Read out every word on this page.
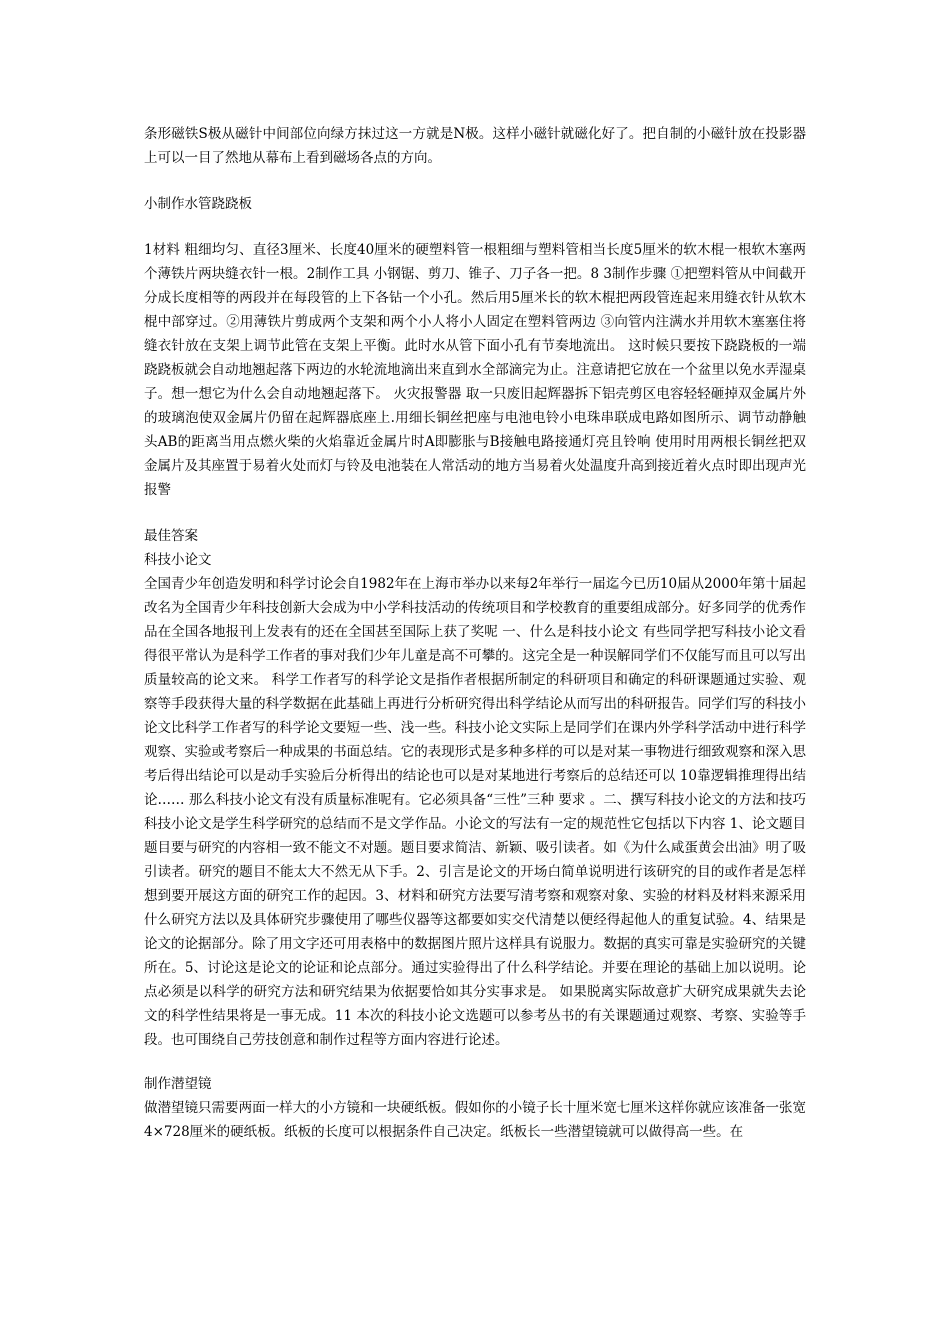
条形磁铁S极从磁针中间部位向绿方抹过这一方就是N极。这样小磁针就磁化好了。把自制的小磁针放在投影器上可以一目了然地从幕布上看到磁场各点的方向。

小制作水管跷跷板

1材料 粗细均匀、直径3厘米、长度40厘米的硬塑料管一根粗细与塑料管相当长度5厘米的软木棍一根软木塞两个薄铁片两块缝衣针一根。2制作工具 小钢锯、剪刀、锥子、刀子各一把。8 3制作步骤 ①把塑料管从中间截开分成长度相等的两段并在每段管的上下各钻一个小孔。然后用5厘米长的软木棍把两段管连起来用缝衣针从软木棍中部穿过。②用薄铁片剪成两个支架和两个小人将小人固定在塑料管两边 ③向管内注满水并用软木塞塞住将缝衣针放在支架上调节此管在支架上平衡。此时水从管下面小孔有节奏地流出。 这时候只要按下跷跷板的一端跷跷板就会自动地翘起落下两边的水轮流地滴出来直到水全部滴完为止。注意请把它放在一个盆里以免水弄湿桌子。想一想它为什么会自动地翘起落下。 火灾报警器 取一只废旧起辉器拆下铝壳剪区电容轻轻砸掉双金属片外的玻璃泡使双金属片仍留在起辉器底座上.用细长铜丝把座与电池电铃小电珠串联成电路如图所示、调节动静触头AB的距离当用点燃火柴的火焰靠近金属片时A即膨胀与B接触电路接通灯亮且铃响 使用时用两根长铜丝把双金属片及其座置于易着火处而灯与铃及电池装在人常活动的地方当易着火处温度升高到接近着火点时即出现声光报警

最佳答案

科技小论文

全国青少年创造发明和科学讨论会自1982年在上海市举办以来每2年举行一届迄今已历10届从2000年第十届起改名为全国青少年科技创新大会成为中小学科技活动的传统项目和学校教育的重要组成部分。好多同学的优秀作品在全国各地报刊上发表有的还在全国甚至国际上获了奖呢 一、什么是科技小论文 有些同学把写科技小论文看得很平常认为是科学工作者的事对我们少年儿童是高不可攀的。这完全是一种误解同学们不仅能写而且可以写出质量较高的论文来。 科学工作者写的科学论文是指作者根据所制定的科研项目和确定的科研课题通过实验、观察等手段获得大量的科学数据在此基础上再进行分析研究得出科学结论从而写出的科研报告。同学们写的科技小论文比科学工作者写的科学论文要短一些、浅一些。科技小论文实际上是同学们在课内外学科学活动中进行科学观察、实验或考察后一种成果的书面总结。它的表现形式是多种多样的可以是对某一事物进行细致观察和深入思考后得出结论可以是动手实验后分析得出的结论也可以是对某地进行考察后的总结还可以 10靠逻辑推理得出结论…… 那么科技小论文有没有质量标准呢有。它必须具备“三性”三种 要求 。二、撰写科技小论文的方法和技巧 科技小论文是学生科学研究的总结而不是文学作品。小论文的写法有一定的规范性它包括以下内容 1、论文题目 题目要与研究的内容相一致不能文不对题。题目要求简洁、新颖、吸引读者。如《为什么咸蛋黄会出油》明了吸引读者。研究的题目不能太大不然无从下手。2、引言是论文的开场白简单说明进行该研究的目的或作者是怎样想到要开展这方面的研究工作的起因。3、材料和研究方法要写清考察和观察对象、实验的材料及材料来源采用什么研究方法以及具体研究步骤使用了哪些仪器等这都要如实交代清楚以便经得起他人的重复试验。4、结果是论文的论据部分。除了用文字还可用表格中的数据图片照片这样具有说服力。数据的真实可靠是实验研究的关键所在。5、讨论这是论文的论证和论点部分。通过实验得出了什么科学结论。并要在理论的基础上加以说明。论点必须是以科学的研究方法和研究结果为依据要恰如其分实事求是。 如果脱离实际故意扩大研究成果就失去论文的科学性结果将是一事无成。11 本次的科技小论文选题可以参考丛书的有关课题通过观察、考察、实验等手段。也可围绕自己劳技创意和制作过程等方面内容进行论述。

制作潜望镜

做潜望镜只需要两面一样大的小方镜和一块硬纸板。假如你的小镜子长十厘米宽七厘米这样你就应该准备一张宽4×728厘米的硬纸板。纸板的长度可以根据条件自己决定。纸板长一些潜望镜就可以做得高一些。在
